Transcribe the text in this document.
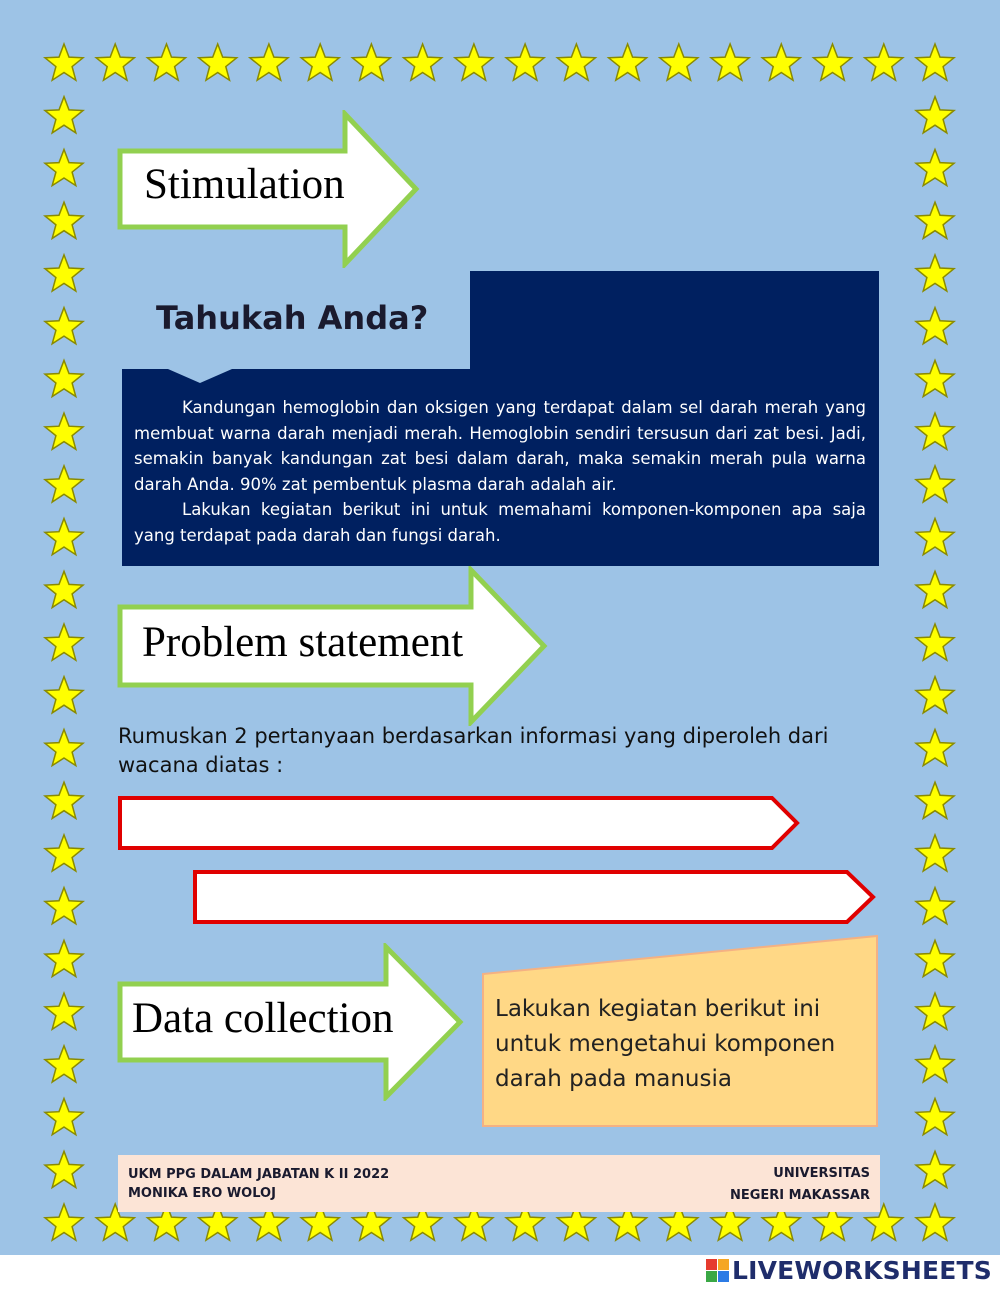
Stimulation
Tahukah Anda?

Kandungan hemoglobin dan oksigen yang terdapat dalam sel darah merah yang membuat warna darah menjadi merah. Hemoglobin sendiri tersusun dari zat besi. Jadi, semakin banyak kandungan zat besi dalam darah, maka semakin merah pula warna darah Anda. 90% zat pembentuk plasma darah adalah air.

Lakukan kegiatan berikut ini untuk memahami komponen-komponen apa saja yang terdapat pada darah dan fungsi darah.

Problem statement
Rumuskan 2 pertanyaan berdasarkan informasi yang diperoleh dari wacana diatas :
Data collection	Lakukan kegiatan berikut ini untuk mengetahui komponen darah pada manusia
UKM PPG DALAM JABATAN K II 2022
MONIKA ERO WOLOJ
UNIVERSITAS
NEGERI MAKASSAR
LIVEWORKSHEETS
